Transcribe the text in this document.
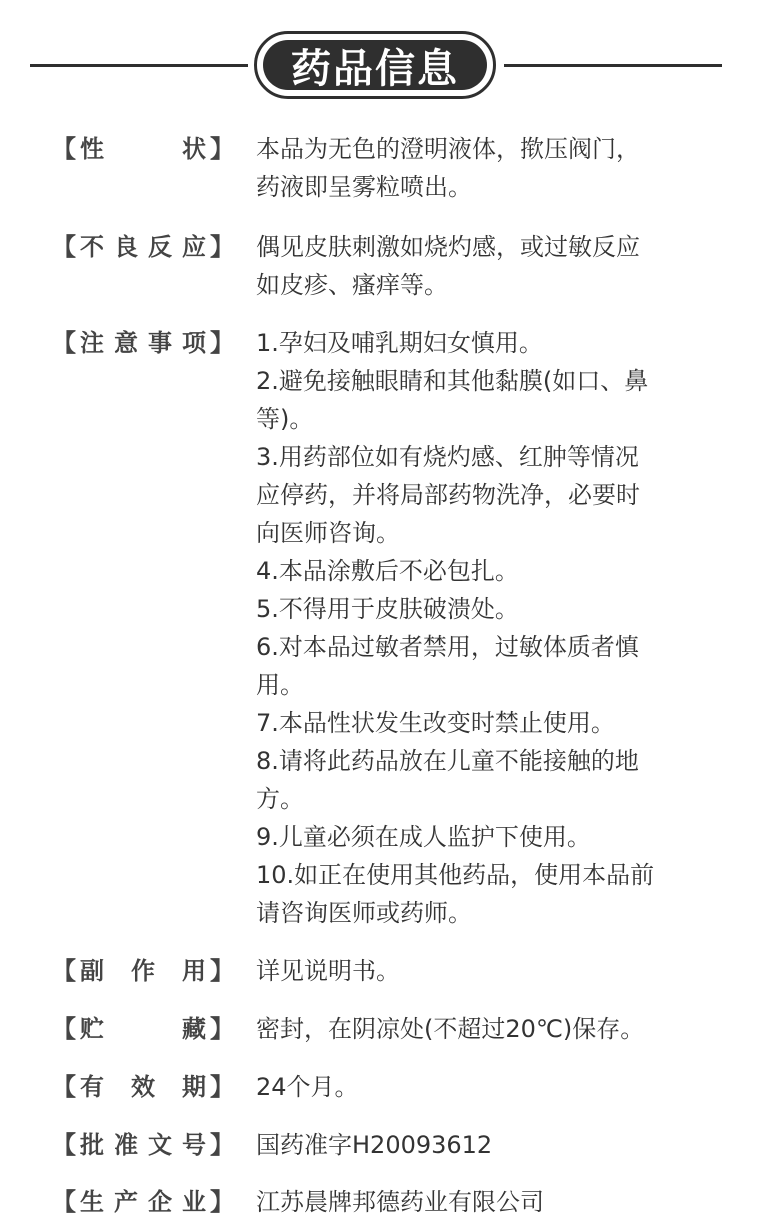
药品信息
【 性	状 】 本品为无色的澄明液体，揿压阀门，
药液即呈雾粒喷出。
【 不 良 反 应 】 偶见皮肤刺激如烧灼感，或过敏反应
如皮疹、瘙痒等。
【 注 意 事 项 】 1.孕妇及哺乳期妇女慎用。
2.避免接触眼睛和其他黏膜(如口、鼻
等)。
3.用药部位如有烧灼感、红肿等情况
应停药，并将局部药物洗净，必要时
向医师咨询。
4.本品涂敷后不必包扎。
5.不得用于皮肤破溃处。
6.对本品过敏者禁用，过敏体质者慎
用。
7.本品性状发生改变时禁止使用。
8.请将此药品放在儿童不能接触的地
方。
9.儿童必须在成人监护下使用。
10.如正在使用其他药品，使用本品前
请咨询医师或药师。
【 副 作 用 】 详见说明书。
【 贮	藏 】 密封，在阴凉处(不超过20℃)保存。
【 有 效 期 】 24个月。
【 批 准 文 号 】 国药准字H20093612
【 生 产 企 业 】 江苏晨牌邦德药业有限公司
